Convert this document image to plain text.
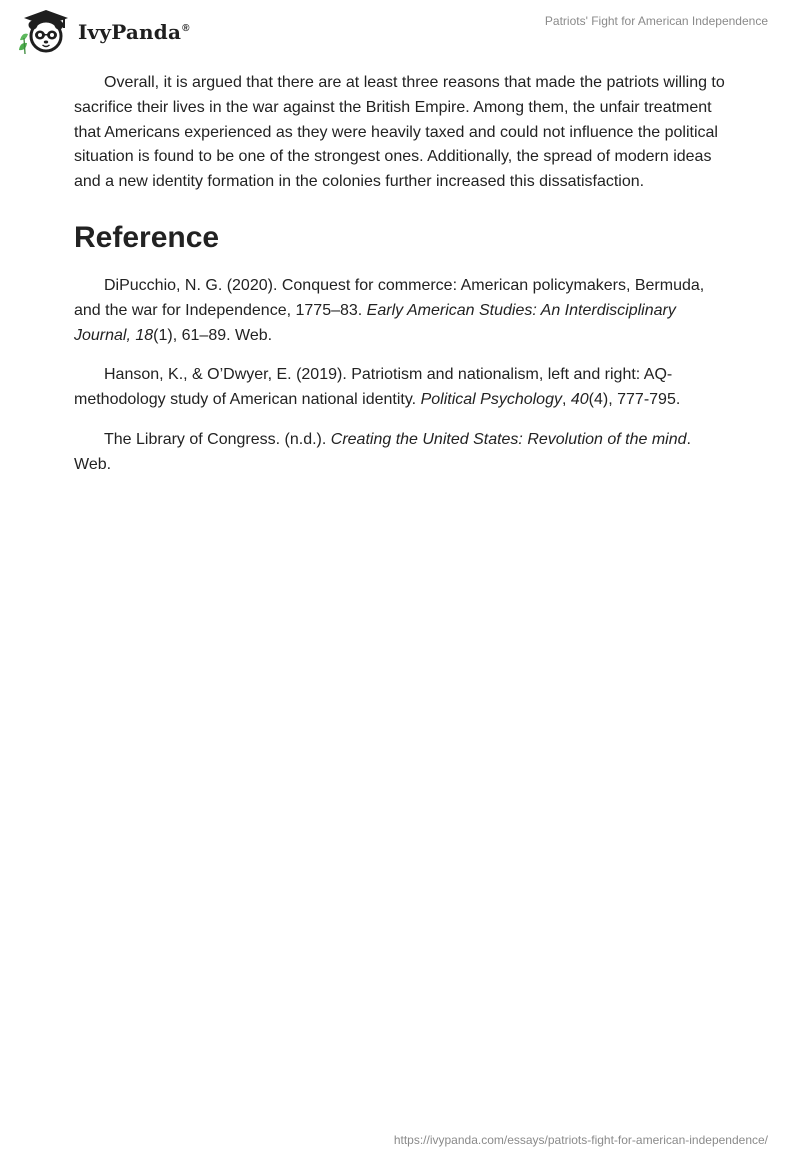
IvyPanda®
Patriots' Fight for American Independence

Overall, it is argued that there are at least three reasons that made the patriots willing to sacrifice their lives in the war against the British Empire. Among them, the unfair treatment that Americans experienced as they were heavily taxed and could not influence the political situation is found to be one of the strongest ones. Additionally, the spread of modern ideas and a new identity formation in the colonies further increased this dissatisfaction.

Reference

DiPucchio, N. G. (2020). Conquest for commerce: American policymakers, Bermuda, and the war for Independence, 1775–83. Early American Studies: An Interdisciplinary Journal, 18(1), 61–89. Web.

Hanson, K., & O’Dwyer, E. (2019). Patriotism and nationalism, left and right: AQ-methodology study of American national identity. Political Psychology, 40(4), 777-795.

The Library of Congress. (n.d.). Creating the United States: Revolution of the mind. Web.

https://ivypanda.com/essays/patriots-fight-for-american-independence/
